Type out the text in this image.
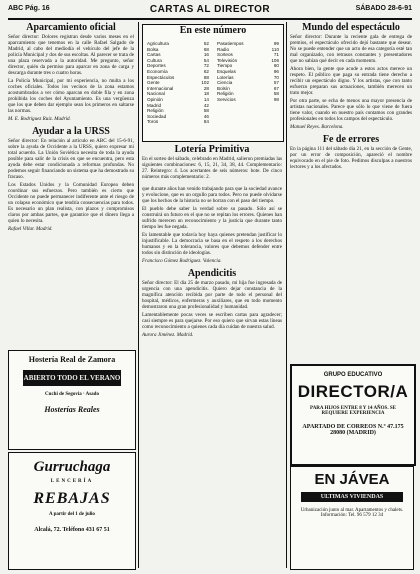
ABC Pág. 16	CARTAS AL DIRECTOR	SÁBADO 28-6-91
Aparcamiento oficial

Señor director: Dolores registran desde varios meses en el aparcamiento que tenemos en la calle Rafael Salgado de Madrid, al cabo del mediodía el vehículo del jefe de la policía Municipal y dos de sus escoltas. Al parecer se trata de una plaza reservada a la autoridad. Me pregunto, señor director, quién da permiso para aparcar en zona de carga y descarga durante tres o cuatro horas.

La Policía Municipal, por mi experiencia, no multa a los coches oficiales. Todos los vecinos de la zona estamos acostumbrados a ver cómo aparcan en doble fila y en zona prohibida los coches del Ayuntamiento. Es una vergüenza que los que deben dar ejemplo sean los primeros en saltarse las normas.

M. E. Rodríguez Ruiz. Madrid.

Ayudar a la URSS

Señor director: En relación al artículo en ABC del 15-6-91, sobre la ayuda de Occidente a la URSS, quiero expresar mi total acuerdo. La Unión Soviética necesita de toda la ayuda posible para salir de la crisis en que se encuentra, pero esta ayuda debe estar condicionada a reformas profundas. No podemos seguir financiando un sistema que ha demostrado su fracaso.

Los Estados Unidos y la Comunidad Europea deben coordinar sus esfuerzos. Pero también es cierto que Occidente no puede permanecer indiferente ante el riesgo de un colapso económico que tendría consecuencias para todos. Es necesario un plan realista, con plazos y compromisos claros por ambas partes, que garantice que el dinero llega a quien lo necesita.

Rafael Villar. Madrid.

Hostería Real de Zamora
ABIERTO TODO EL VERANO
Cuchi de Segovia · Asado
Hosterías Reales
Gurruchaga
LENCERÍA
REBAJAS
A partir del 1 de julio
Alcalá, 72. Teléfono 431 67 51
En este número
Agricultura	52
Bolsa	68
Cartas	16
Cultura	54
Deportes	72
Economía	62
Espectáculos	88
Gente	102
Internacional	28
Nacional	18
Opinión	14
Madrid	42
Religión	58
Sociedad	46
Toros	84
Pasatiempos	99
Radio	110
Sorteos	71
Televisión	106
Tiempo	60
Esquelas	96
Loterías	70
Ciencia	57
Bolsín	67
Religión	58
Servicios	98
Lotería Primitiva

En el sorteo del sábado, celebrado en Madrid, salieron premiadas las siguientes combinaciones: 6, 15, 21, 34, 38, 44. Complementario: 27. Reintegro: 4. Los acertantes de seis números: bote. De cinco números más complementario: 2.

que durante años han venido trabajando para que la sociedad avance y evolucione, que es un orgullo para todos. Pero no puede olvidarse que los hechos de la historia no se borran con el paso del tiempo.

El pueblo debe saber la verdad sobre su pasado. Sólo así se construirá un futuro en el que no se repitan los errores. Quienes han sufrido merecen un reconocimiento y la justicia que durante tanto tiempo les fue negada.

Es lamentable que todavía hoy haya quienes pretendan justificar lo injustificable. La democracia se basa en el respeto a los derechos humanos y en la tolerancia, valores que debemos defender entre todos sin distinción de ideologías.

Francisco Gómez Rodríguez. Valencia.

Apendicitis

Señor director: El día 25 de marzo pasado, mi hija fue ingresada de urgencia con una apendicitis. Quiero dejar constancia de la magnífica atención recibida por parte de todo el personal del hospital, médicos, enfermeras y auxiliares, que en todo momento demostraron una gran profesionalidad y humanidad.

Lamentablemente pocas veces se escriben cartas para agradecer; casi siempre es para quejarse. Por eso quiero que sirvan estas líneas como reconocimiento a quienes cada día cuidan de nuestra salud.

Aurora Jiménez. Madrid.

Mundo del espectáculo

Señor director: Durante la reciente gala de entrega de premios, el espectáculo ofrecido dejó bastante que desear. No se puede entender que un acto de esa categoría esté tan mal organizado, con retrasos constantes y presentadores que no sabían qué decir en cada momento.

Ahora bien, la gente que acude a estos actos merece un respeto. El público que paga su entrada tiene derecho a recibir un espectáculo digno. Y los artistas, que con tanto esfuerzo preparan sus actuaciones, también merecen un trato mejor.

Por otra parte, se echa de menos una mayor presencia de artistas nacionales. Parece que sólo lo que viene de fuera tiene valor, cuando en nuestro país contamos con grandes profesionales en todos los campos del espectáculo.

Manuel Reyes. Barcelona.

Fe de errores

En la página 111 del sábado día 21, en la sección de Gente, por un error de composición, apareció el nombre equivocado en el pie de foto. Pedimos disculpas a nuestros lectores y a los afectados.

GRUPO EDUCATIVO
DIRECTOR/A
PARA HIJOS ENTRE 8 Y 14 AÑOS. SE REQUIERE EXPERIENCIA
APARTADO DE CORREOS N.º 47.175
28080 (MADRID)
EN JÁVEA
ULTIMAS VIVIENDAS
Urbanización junto al mar. Apartamentos y chalets. Información: Tel. 96 579 12 34
